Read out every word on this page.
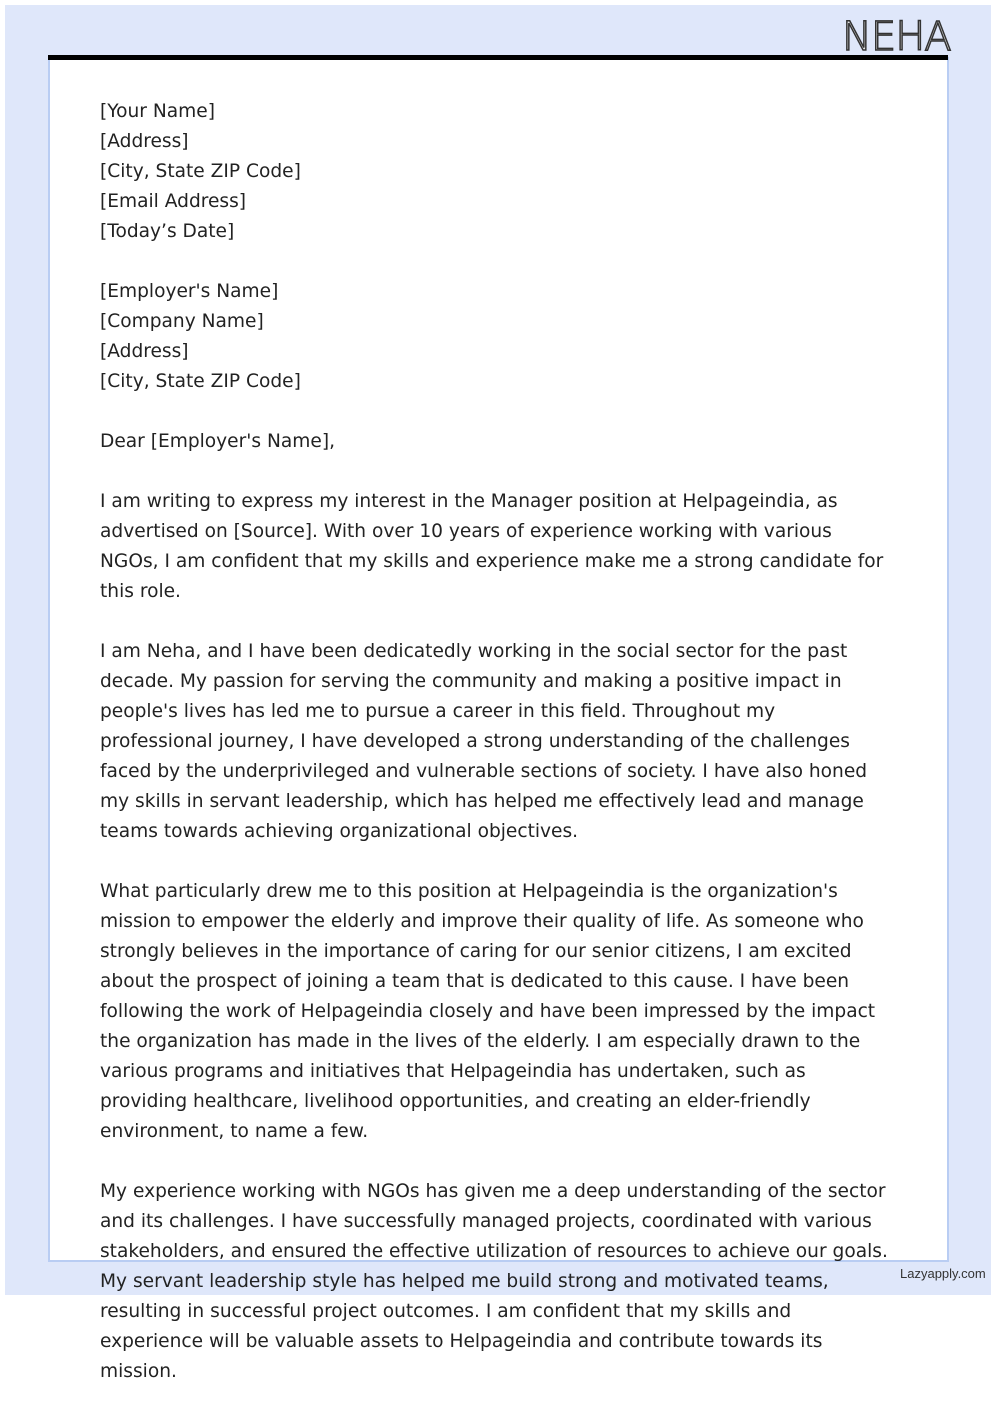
NEHA

[Your Name]
[Address]
[City, State ZIP Code]
[Email Address]
[Today’s Date]

[Employer's Name]
[Company Name]
[Address]
[City, State ZIP Code]

Dear [Employer's Name],

I am writing to express my interest in the Manager position at Helpageindia, as advertised on [Source]. With over 10 years of experience working with various NGOs, I am confident that my skills and experience make me a strong candidate for this role.

I am Neha, and I have been dedicatedly working in the social sector for the past decade. My passion for serving the community and making a positive impact in people's lives has led me to pursue a career in this field. Throughout my professional journey, I have developed a strong understanding of the challenges faced by the underprivileged and vulnerable sections of society. I have also honed my skills in servant leadership, which has helped me effectively lead and manage teams towards achieving organizational objectives.

What particularly drew me to this position at Helpageindia is the organization's mission to empower the elderly and improve their quality of life. As someone who strongly believes in the importance of caring for our senior citizens, I am excited about the prospect of joining a team that is dedicated to this cause. I have been following the work of Helpageindia closely and have been impressed by the impact the organization has made in the lives of the elderly. I am especially drawn to the various programs and initiatives that Helpageindia has undertaken, such as providing healthcare, livelihood opportunities, and creating an elder-friendly environment, to name a few.

My experience working with NGOs has given me a deep understanding of the sector and its challenges. I have successfully managed projects, coordinated with various stakeholders, and ensured the effective utilization of resources to achieve our goals. My servant leadership style has helped me build strong and motivated teams, resulting in successful project outcomes. I am confident that my skills and experience will be valuable assets to Helpageindia and contribute towards its mission.

Lazyapply.com
